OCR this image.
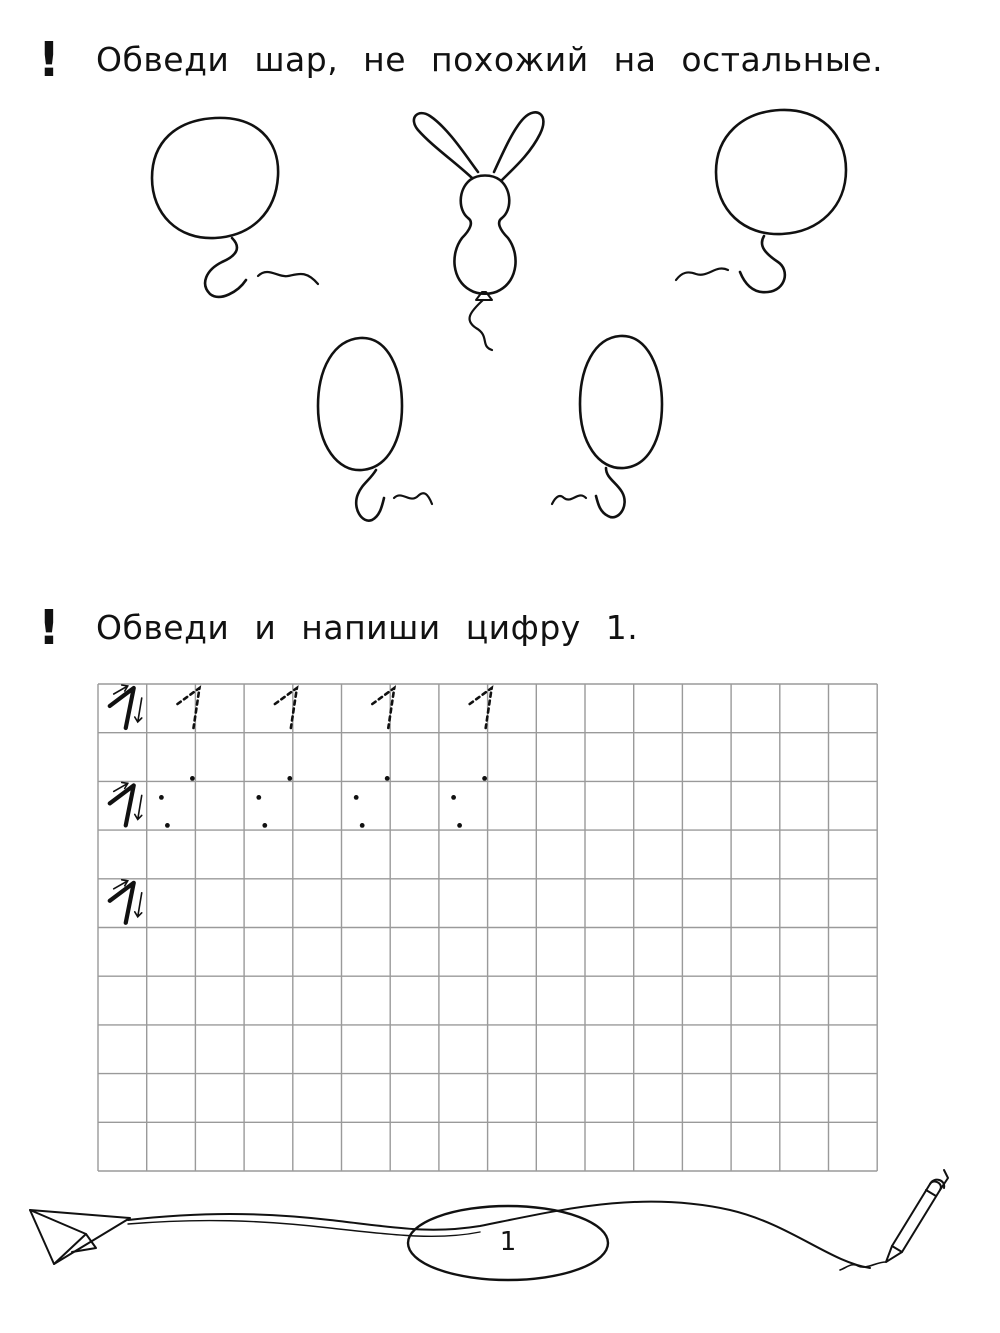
! Обведи шар, не похожий на остальные.
! Обведи и напиши цифру 1.
1
